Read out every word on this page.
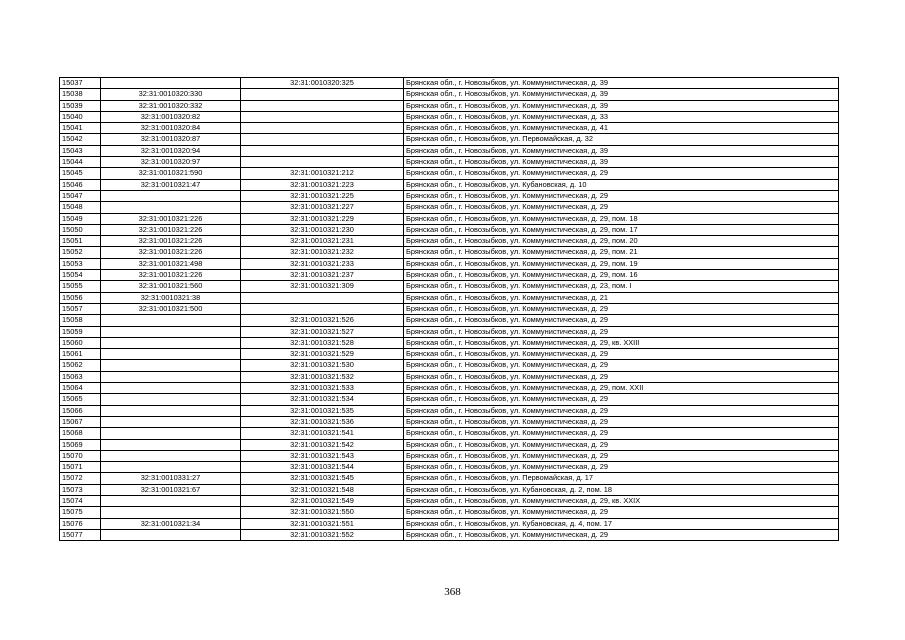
15037		32:31:0010320:325	Брянская обл., г. Новозыбков, ул. Коммунистическая, д. 39
15038	32:31:0010320:330		Брянская обл., г. Новозыбков, ул. Коммунистическая, д. 39
15039	32:31:0010320:332		Брянская обл., г. Новозыбков, ул. Коммунистическая, д. 39
15040	32:31:0010320:82		Брянская обл., г. Новозыбков, ул. Коммунистическая, д. 33
15041	32:31:0010320:84		Брянская обл., г. Новозыбков, ул. Коммунистическая, д. 41
15042	32:31:0010320:87		Брянская обл., г. Новозыбков, ул. Первомайская, д. 32
15043	32:31:0010320:94		Брянская обл., г. Новозыбков, ул. Коммунистическая, д. 39
15044	32:31:0010320:97		Брянская обл., г. Новозыбков, ул. Коммунистическая, д. 39
15045	32:31:0010321:590	32:31:0010321:212	Брянская обл., г. Новозыбков, ул. Коммунистическая, д. 29
15046	32:31:0010321:47	32:31:0010321:223	Брянская обл., г. Новозыбков, ул. Кубановская, д. 10
15047		32:31:0010321:225	Брянская обл., г. Новозыбков, ул. Коммунистическая, д. 29
15048		32:31:0010321:227	Брянская обл., г. Новозыбков, ул. Коммунистическая, д. 29
15049	32:31:0010321:226	32:31:0010321:229	Брянская обл., г. Новозыбков, ул. Коммунистическая, д. 29, пом. 18
15050	32:31:0010321:226	32:31:0010321:230	Брянская обл., г. Новозыбков, ул. Коммунистическая, д. 29, пом. 17
15051	32:31:0010321:226	32:31:0010321:231	Брянская обл., г. Новозыбков, ул. Коммунистическая, д. 29, пом. 20
15052	32:31:0010321:226	32:31:0010321:232	Брянская обл., г. Новозыбков, ул. Коммунистическая, д. 29, пом. 21
15053	32:31:0010321:498	32:31:0010321:233	Брянская обл., г. Новозыбков, ул. Коммунистическая, д. 29, пом. 19
15054	32:31:0010321:226	32:31:0010321:237	Брянская обл., г. Новозыбков, ул. Коммунистическая, д. 29, пом. 16
15055	32:31:0010321:560	32:31:0010321:309	Брянская обл., г. Новозыбков, ул. Коммунистическая, д. 23, пом. I
15056	32:31:0010321:38		Брянская обл., г. Новозыбков, ул. Коммунистическая, д. 21
15057	32:31:0010321:500		Брянская обл., г. Новозыбков, ул. Коммунистическая, д. 29
15058		32:31:0010321:526	Брянская обл., г. Новозыбков, ул. Коммунистическая, д. 29
15059		32:31:0010321:527	Брянская обл., г. Новозыбков, ул. Коммунистическая, д. 29
15060		32:31:0010321:528	Брянская обл., г. Новозыбков, ул. Коммунистическая, д. 29, кв. XXIII
15061		32:31:0010321:529	Брянская обл., г. Новозыбков, ул. Коммунистическая, д. 29
15062		32:31:0010321:530	Брянская обл., г. Новозыбков, ул. Коммунистическая, д. 29
15063		32:31:0010321:532	Брянская обл., г. Новозыбков, ул. Коммунистическая, д. 29
15064		32:31:0010321:533	Брянская обл., г. Новозыбков, ул. Коммунистическая, д. 29, пом. XXII
15065		32:31:0010321:534	Брянская обл., г. Новозыбков, ул. Коммунистическая, д. 29
15066		32:31:0010321:535	Брянская обл., г. Новозыбков, ул. Коммунистическая, д. 29
15067		32:31:0010321:536	Брянская обл., г. Новозыбков, ул. Коммунистическая, д. 29
15068		32:31:0010321:541	Брянская обл., г. Новозыбков, ул. Коммунистическая, д. 29
15069		32:31:0010321:542	Брянская обл., г. Новозыбков, ул. Коммунистическая, д. 29
15070		32:31:0010321:543	Брянская обл., г. Новозыбков, ул. Коммунистическая, д. 29
15071		32:31:0010321:544	Брянская обл., г. Новозыбков, ул. Коммунистическая, д. 29
15072	32:31:0010331:27	32:31:0010321:545	Брянская обл., г. Новозыбков, ул. Первомайская, д. 17
15073	32:31:0010321:67	32:31:0010321:548	Брянская обл., г. Новозыбков, ул. Кубановская, д. 2, пом. 18
15074		32:31:0010321:549	Брянская обл., г. Новозыбков, ул. Коммунистическая, д. 29, кв. XXIX
15075		32:31:0010321:550	Брянская обл., г. Новозыбков, ул. Коммунистическая, д. 29
15076	32:31:0010321:34	32:31:0010321:551	Брянская обл., г. Новозыбков, ул. Кубановская, д. 4, пом. 17
15077		32:31:0010321:552	Брянская обл., г. Новозыбков, ул. Коммунистическая, д. 29
368
